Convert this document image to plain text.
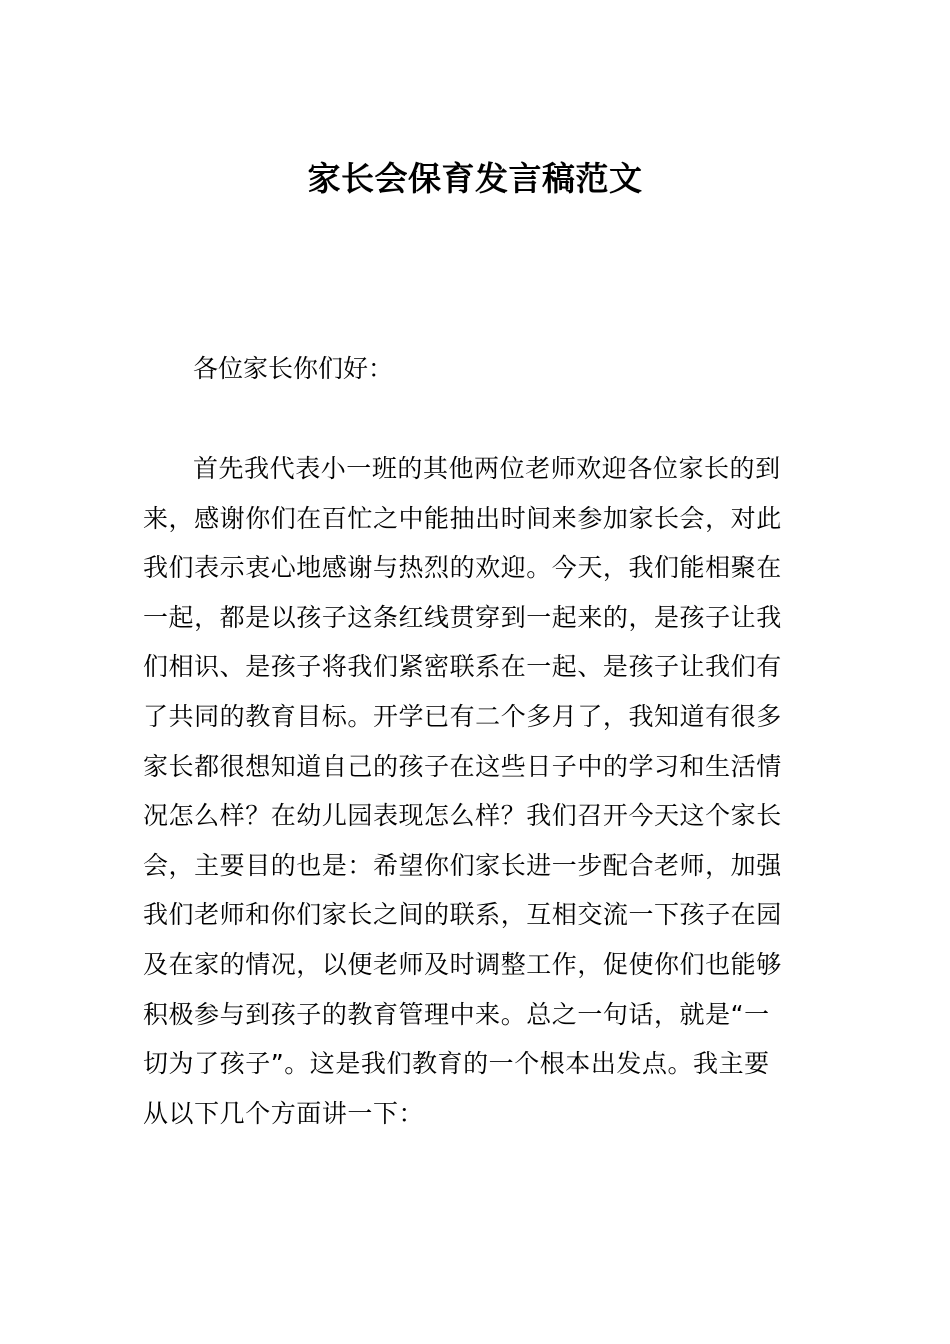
家长会保育发言稿范文
各位家长你们好：
首先我代表小一班的其他两位老师欢迎各位家长的到
来，感谢你们在百忙之中能抽出时间来参加家长会，对此
我们表示衷心地感谢与热烈的欢迎。今天，我们能相聚在
一起，都是以孩子这条红线贯穿到一起来的，是孩子让我
们相识、是孩子将我们紧密联系在一起、是孩子让我们有
了共同的教育目标。开学已有二个多月了，我知道有很多
家长都很想知道自己的孩子在这些日子中的学习和生活情
况怎么样？在幼儿园表现怎么样？我们召开今天这个家长
会，主要目的也是：希望你们家长进一步配合老师，加强
我们老师和你们家长之间的联系，互相交流一下孩子在园
及在家的情况，以便老师及时调整工作，促使你们也能够
积极参与到孩子的教育管理中来。总之一句话，就是“一
切为了孩子”。这是我们教育的一个根本出发点。我主要
从以下几个方面讲一下：
